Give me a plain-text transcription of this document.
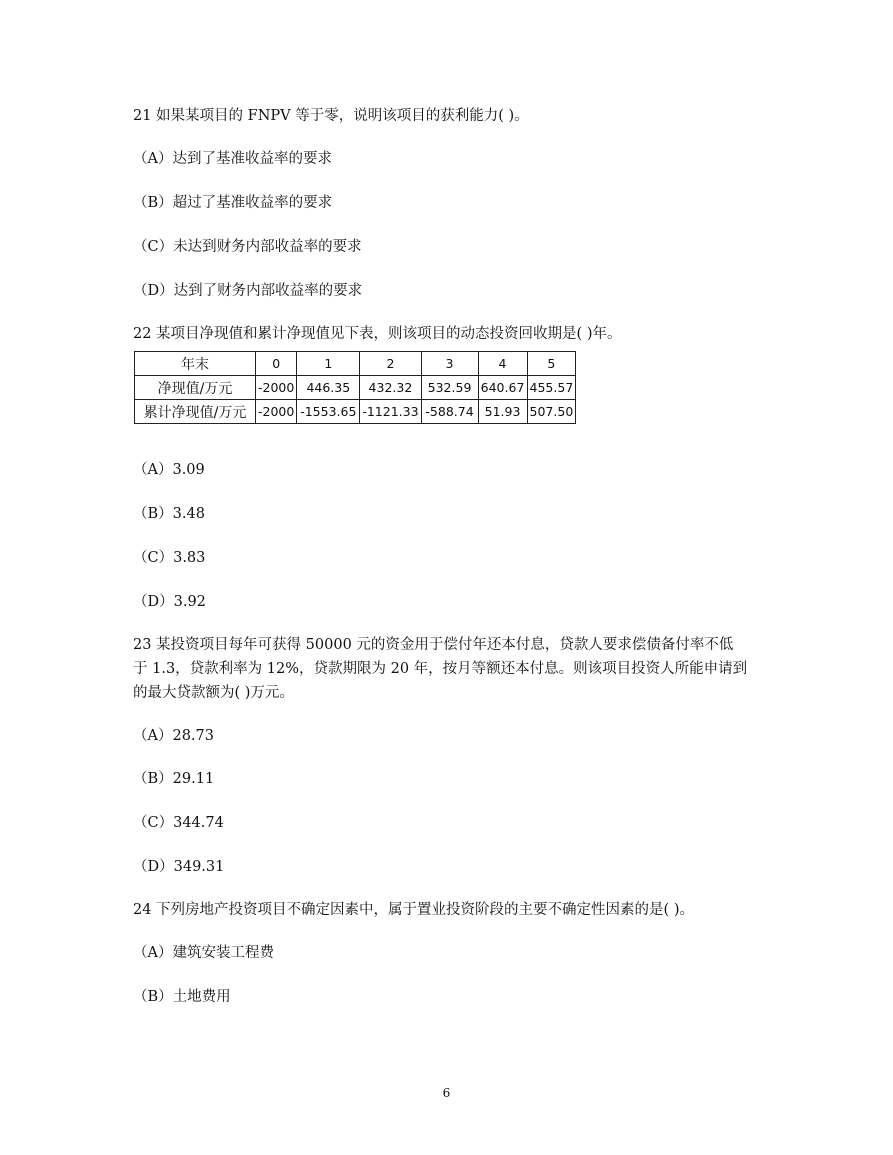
21 如果某项目的 FNPV 等于零，说明该项目的获利能力( )。
（A）达到了基准收益率的要求
（B）超过了基准收益率的要求
（C）未达到财务内部收益率的要求
（D）达到了财务内部收益率的要求
22 某项目净现值和累计净现值见下表，则该项目的动态投资回收期是( )年。
年末	0	1	2	3	4	5
净现值/万元	-2000	446.35	432.32	532.59	640.67	455.57
累计净现值/万元	-2000	-1553.65	-1121.33	-588.74	51.93	507.50
（A）3.09
（B）3.48
（C）3.83
（D）3.92
23 某投资项目每年可获得 50000 元的资金用于偿付年还本付息，贷款人要求偿债备付率不低
于 1.3，贷款利率为 12%，贷款期限为 20 年，按月等额还本付息。则该项目投资人所能申请到
的最大贷款额为( )万元。
（A）28.73
（B）29.11
（C）344.74
（D）349.31
24 下列房地产投资项目不确定因素中，属于置业投资阶段的主要不确定性因素的是( )。
（A）建筑安装工程费
（B）土地费用
6
